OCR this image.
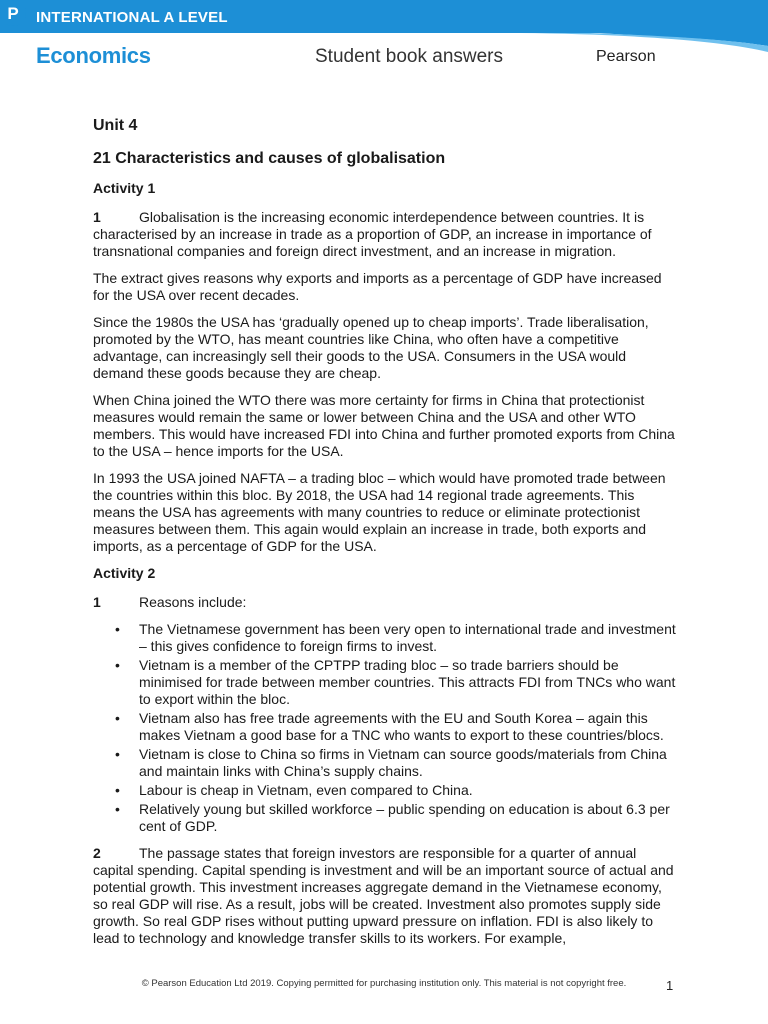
INTERNATIONAL A LEVEL
Economics	Student book answers
P
Pearson
Unit 4
21 Characteristics and causes of globalisation
Activity 1

1	Globalisation is the increasing economic interdependence between countries. It is characterised by an increase in trade as a proportion of GDP, an increase in importance of transnational companies and foreign direct investment, and an increase in migration.

The extract gives reasons why exports and imports as a percentage of GDP have increased for the USA over recent decades.

Since the 1980s the USA has ‘gradually opened up to cheap imports’. Trade liberalisation, promoted by the WTO, has meant countries like China, who often have a competitive advantage, can increasingly sell their goods to the USA. Consumers in the USA would demand these goods because they are cheap.

When China joined the WTO there was more certainty for firms in China that protectionist measures would remain the same or lower between China and the USA and other WTO members. This would have increased FDI into China and further promoted exports from China to the USA – hence imports for the USA.

In 1993 the USA joined NAFTA – a trading bloc – which would have promoted trade between the countries within this bloc. By 2018, the USA had 14 regional trade agreements. This means the USA has agreements with many countries to reduce or eliminate protectionist measures between them. This again would explain an increase in trade, both exports and imports, as a percentage of GDP for the USA.

Activity 2

1	Reasons include:

• The Vietnamese government has been very open to international trade and investment – this gives confidence to foreign firms to invest.
• Vietnam is a member of the CPTPP trading bloc – so trade barriers should be minimised for trade between member countries. This attracts FDI from TNCs who want to export within the bloc.
• Vietnam also has free trade agreements with the EU and South Korea – again this makes Vietnam a good base for a TNC who wants to export to these countries/blocs.
• Vietnam is close to China so firms in Vietnam can source goods/materials from China and maintain links with China’s supply chains.
• Labour is cheap in Vietnam, even compared to China.
• Relatively young but skilled workforce – public spending on education is about 6.3 per cent of GDP.

2	The passage states that foreign investors are responsible for a quarter of annual capital spending. Capital spending is investment and will be an important source of actual and potential growth. This investment increases aggregate demand in the Vietnamese economy, so real GDP will rise. As a result, jobs will be created. Investment also promotes supply side growth. So real GDP rises without putting upward pressure on inflation. FDI is also likely to lead to technology and knowledge transfer skills to its workers. For example,

© Pearson Education Ltd 2019. Copying permitted for purchasing institution only. This material is not copyright free.	1
